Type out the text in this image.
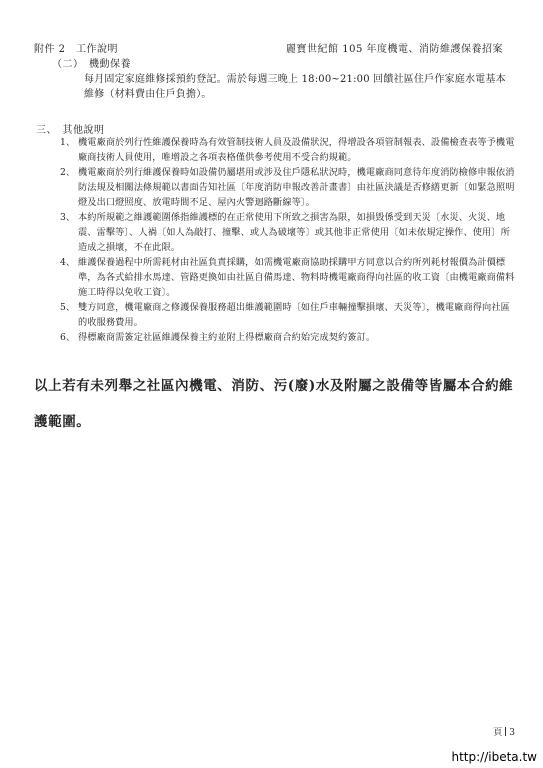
附件 2　工作說明	麗寶世紀館 105 年度機電、消防維護保養招案
（二）　機動保養
每月固定家庭維修採預約登記。需於每週三晚上 18:00~21:00 回饋社區住戶作家庭水電基本維修（材料費由住戶負擔）。
三、　其他說明
1、 機電廠商於列行性維護保養時為有效管制技術人員及設備狀況，得增設各項管制報表、設備檢查表等予機電廠商技術人員使用，唯增設之各項表格僅供參考使用不受合約規範。
2、 機電廠商於列行維護保養時如設備仍屬堪用或涉及住戶隱私狀況時，機電廠商同意待年度消防檢修申報依消防法規及相關法條規範以書面告知社區〔年度消防申報改善計畫書〕由社區決議是否修繕更新〔如緊急照明燈及出口燈照度、放電時間不足、屋內火警迴路斷線等〕。
3、 本約所規範之維護範圍係指維護標的在正常使用下所致之損害為限，如損毀係受到天災〔水災、火災、地震、雷擊等〕、人禍〔如人為敲打、撞擊、或人為破壞等〕或其他非正常使用〔如未依規定操作、使用〕所造成之損壞，不在此限。
4、 維護保養過程中所需耗材由社區負責採購，如需機電廠商協助採購甲方同意以合約所列耗材報價為計價標準，為各式給排水馬達、管路更換如由社區自備馬達、物料時機電廠商得向社區的收工資〔由機電廠商備料施工時得以免收工資〕。
5、 雙方同意，機電廠商之修護保養服務超出維護範圍時〔如住戶車輛撞擊損壞、天災等〕，機電廠商得向社區的收服務費用。
6、 得標廠商需簽定社區維護保養主約並附上得標廠商合約始完成契約簽訂。
以上若有未列舉之社區內機電、消防、污(廢)水及附屬之設備等皆屬本合約維護範圍。
頁 3
http://ibeta.tw
